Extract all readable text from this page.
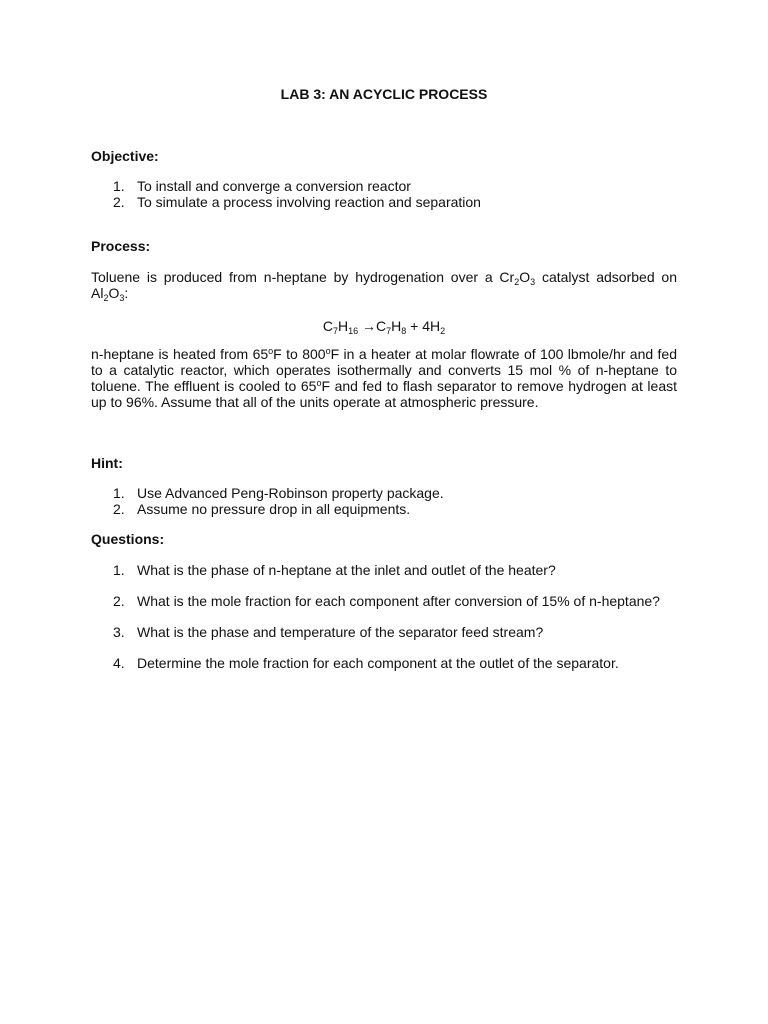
LAB 3: AN ACYCLIC PROCESS
Objective:
1. To install and converge a conversion reactor
2. To simulate a process involving reaction and separation
Process:

Toluene is produced from n-heptane by hydrogenation over a $Cr_2O_3$ catalyst adsorbed on $Al_2O_3$:

$C_7H_{16} \to C_7H_8 + 4H_2$

n-heptane is heated from 65$^o$F to 800$^o$F in a heater at molar flowrate of 100 lbmole/hr and fed to a catalytic reactor, which operates isothermally and converts 15 mol % of n-heptane to toluene. The effluent is cooled to 65$^o$F and fed to flash separator to remove hydrogen at least up to 96%. Assume that all of the units operate at atmospheric pressure.

Hint:
1. Use Advanced Peng-Robinson property package.
2. Assume no pressure drop in all equipments.
Questions:
1. What is the phase of n-heptane at the inlet and outlet of the heater?
2. What is the mole fraction for each component after conversion of 15% of n-heptane?
3. What is the phase and temperature of the separator feed stream?
4. Determine the mole fraction for each component at the outlet of the separator.
